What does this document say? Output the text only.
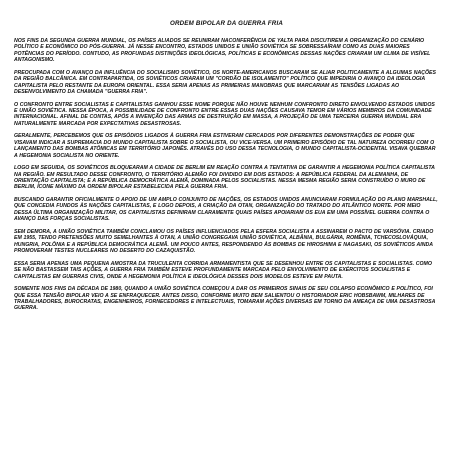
ORDEM BIPOLAR DA GUERRA FRIA

NOS FINS DA SEGUNDA GUERRA MUNDIAL, OS PAÍSES ALIADOS SE REUNIRAM NACONFERÊNCIA DE YALTA PARA DISCUTIREM A ORGANIZAÇÃO DO CENÁRIO POLÍTICO E ECONÔMICO DO PÓS-GUERRA. JÁ NESSE ENCONTRO, ESTADOS UNIDOS E UNIÃO SOVIÉTICA SE SOBRESSAÍRAM COMO AS DUAS MAIORES POTÊNCIAS DO PERÍODO. CONTUDO, AS PROFUNDAS DISTINÇÕES IDEOLÓGICAS, POLÍTICAS E ECONÔMICAS DESSAS NAÇÕES CRIARAM UM CLIMA DE VISÍVEL ANTAGONISMO.

PREOCUPADA COM O AVANÇO DA INFLUÊNCIA DO SOCIALISMO SOVIÉTICO, OS NORTE-AMERICANOS BUSCARAM SE ALIAR POLITICAMENTE A ALGUMAS NAÇÕES DA REGIÃO BALCÂNICA. EM CONTRAPARTIDA, OS SOVIÉTICOS CRIARAM UM "CORDÃO DE ISOLAMENTO" POLÍTICO QUE IMPEDIRIA O AVANÇO DA IDEOLOGIA CAPITALISTA PELO RESTANTE DA EUROPA ORIENTAL. ESSA SERIA APENAS AS PRIMEIRAS MANOBRAS QUE MARCARIAM AS TENSÕES LIGADAS AO DESENVOLVIMENTO DA CHAMADA "GUERRA FRIA".

O CONFRONTO ENTRE SOCIALISTAS E CAPITALISTAS GANHOU ESSE NOME PORQUE NÃO HOUVE NENHUM CONFRONTO DIRETO ENVOLVENDO ESTADOS UNIDOS E UNIÃO SOVIÉTICA. NESSA ÉPOCA, A POSSIBILIDADE DE CONFRONTO ENTRE ESSAS DUAS NAÇÕES CAUSAVA TEMOR EM VÁRIOS MEMBROS DA COMUNIDADE INTERNACIONAL. AFINAL DE CONTAS, APÓS A INVENÇÃO DAS ARMAS DE DESTRUIÇÃO EM MASSA, A PROJEÇÃO DE UMA TERCEIRA GUERRA MUNDIAL ERA NATURALMENTE MARCADA POR EXPECTATIVAS DESASTROSAS.

GERALMENTE, PERCEBEMOS QUE OS EPISÓDIOS LIGADOS À GUERRA FRIA ESTIVERAM CERCADOS POR DIFERENTES DEMONSTRAÇÕES DE PODER QUE VISAVAM INDICAR A SUPREMACIA DO MUNDO CAPITALISTA SOBRE O SOCIALISTA, OU VICE-VERSA. UM PRIMEIRO EPISÓDIO DE TAL NATUREZA OCORREU COM O LANÇAMENTO DAS BOMBAS ATÔMICAS EM TERRITÓRIO JAPONÊS. ATRAVÉS DO USO DESSA TECNOLOGIA, O MUNDO CAPITALISTA-OCIDENTAL VISAVA QUEBRAR A HEGEMONIA SOCIALISTA NO ORIENTE.

LOGO EM SEGUIDA, OS SOVIÉTICOS BLOQUEARAM A CIDADE DE BERLIM EM REAÇÃO CONTRA A TENTATIVA DE GARANTIR A HEGEMONIA POLÍTICA CAPITALISTA NA REGIÃO. EM RESULTADO DESSE CONFRONTO, O TERRITÓRIO ALEMÃO FOI DIVIDIDO EM DOIS ESTADOS: A REPÚBLICA FEDERAL DA ALEMANHA, DE ORIENTAÇÃO CAPITALISTA; E A REPÚBLICA DEMOCRÁTICA ALEMÃ, DOMINADA PELOS SOCIALISTAS. NESSA MESMA REGIÃO SERIA CONSTRUÍDO O MURO DE BERLIM, ÍCONE MÁXIMO DA ORDEM BIPOLAR ESTABELECIDA PELA GUERRA FRIA.

BUSCANDO GARANTIR OFICIALMENTE O APOIO DE UM AMPLO CONJUNTO DE NAÇÕES, OS ESTADOS UNIDOS ANUNCIARAM FORMULAÇÃO DO PLANO MARSHALL, QUE CONCEDIA FUNDOS ÀS NAÇÕES CAPITALISTAS, E LOGO DEPOIS, A CRIAÇÃO DA OTAN, ORGANIZAÇÃO DO TRATADO DO ATLÂNTICO NORTE. POR MEIO DESSA ÚLTIMA ORGANIZAÇÃO MILITAR, OS CAPITALISTAS DEFINIRAM CLARAMENTE QUAIS PAÍSES APOIARIAM OS EUA EM UMA POSSÍVEL GUERRA CONTRA O AVANÇO DAS FORÇAS SOCIALISTAS.

SEM DEMORA, A UNIÃO SOVIÉTICA TAMBÉM CONCLAMOU OS PAÍSES INFLUENCIADOS PELA ESFERA SOCIALISTA A ASSINAREM O PACTO DE VARSÓVIA. CRIADO EM 1955, TENDO PRETENSÕES MUITO SEMELHANTES À OTAN, A UNIÃO CONGREGAVA UNIÃO SOVIÉTICA, ALBÂNIA, BULGÁRIA, ROMÊNIA, TCHECOSLOVÁQUIA, HUNGRIA, POLÔNIA E A REPÚBLICA DEMOCRÁTICA ALEMÃ. UM POUCO ANTES, RESPONDENDO ÀS BOMBAS DE HIROSHIMA E NAGASAKI, OS SOVIÉTICOS AINDA PROMOVERAM TESTES NUCLEARES NO DESERTO DO CAZAQUISTÃO.

ESSA SERIA APENAS UMA PEQUENA AMOSTRA DA TRUCULENTA CORRIDA ARMAMENTISTA QUE SE DESENHOU ENTRE OS CAPITALISTAS E SOCIALISTAS. COMO SE NÃO BASTASSEM TAIS AÇÕES, A GUERRA FRIA TAMBÉM ESTEVE PROFUNDAMENTE MARCADA PELO ENVOLVIMENTO DE EXÉRCITOS SOCIALISTAS E CAPITALISTAS EM GUERRAS CIVIS, ONDE A HEGEMONIA POLÍTICA E IDEOLÓGICA DESSES DOIS MODELOS ESTEVE EM PAUTA.

SOMENTE NOS FINS DA DÉCADA DE 1980, QUANDO A UNIÃO SOVIÉTICA COMEÇOU A DAR OS PRIMEIROS SINAIS DE SEU COLAPSO ECONÔMICO E POLÍTICO, FOI QUE ESSA TENSÃO BIPOLAR VEIO A SE ENFRAQUECER. ANTES DISSO, CONFORME MUITO BEM SALIENTOU O HISTORIADOR ERIC HOBSBAWM, MILHARES DE TRABALHADORES, BUROCRATAS, ENGENHEIROS, FORNECEDORES E INTELECTUAIS, TOMARAM AÇÕES DIVERSAS EM TORNO DA AMEAÇA DE UMA DESASTROSA GUERRA.
